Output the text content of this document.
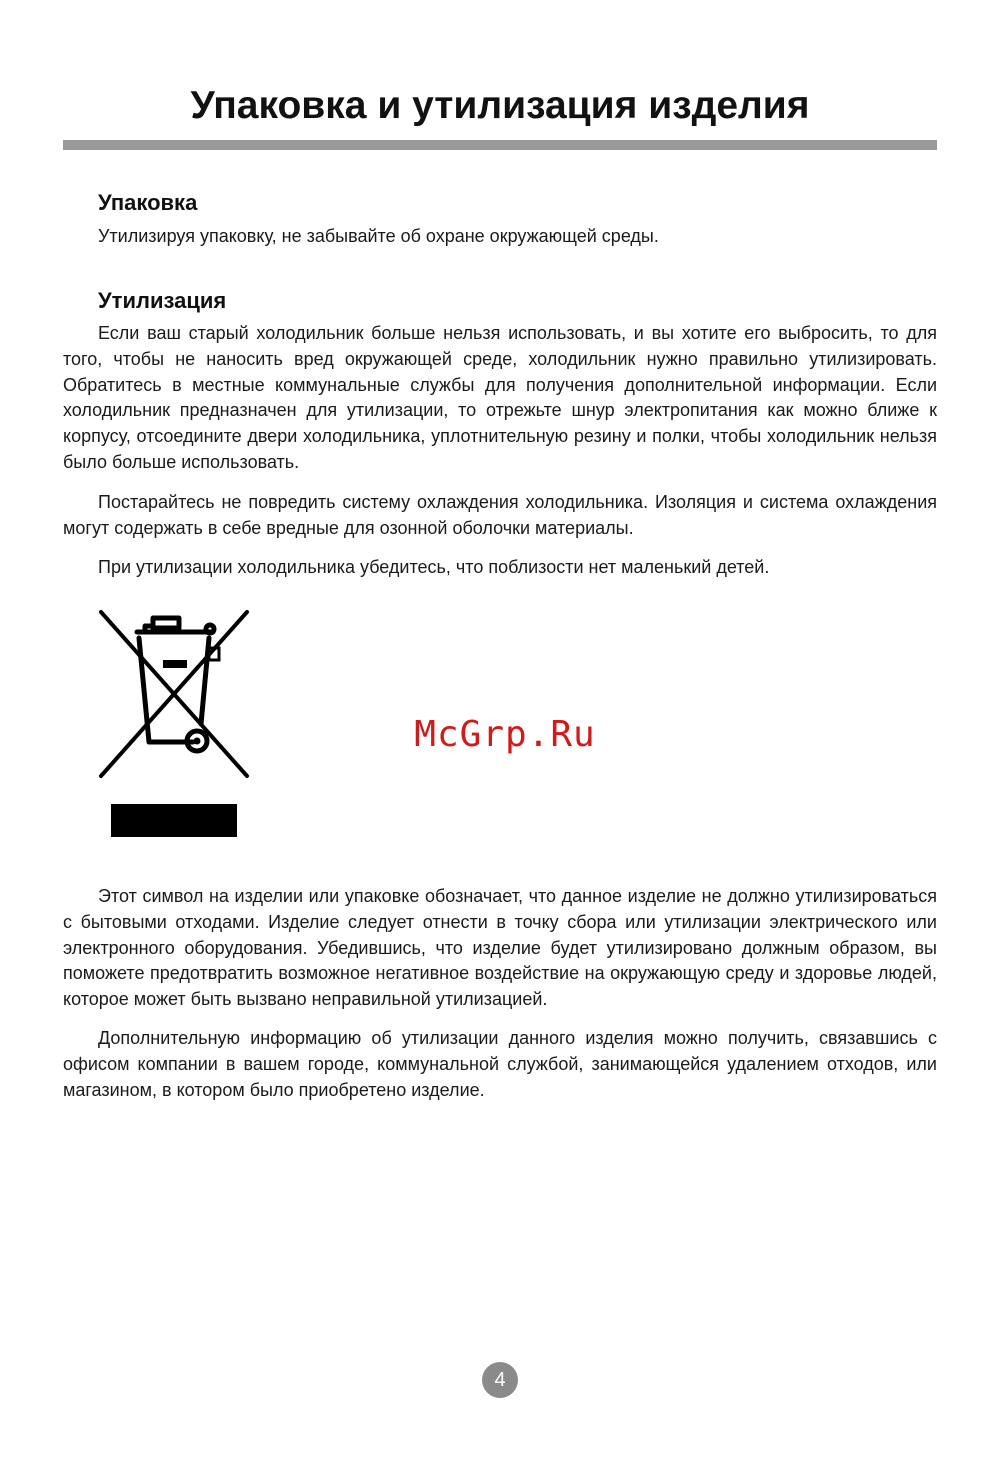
Упаковка и утилизация изделия
Упаковка

Утилизируя упаковку, не забывайте об охране окружающей среды.

Утилизация

Если ваш старый холодильник больше нельзя использовать, и вы хотите его выбросить, то для того, чтобы не наносить вред окружающей среде, холодильник нужно правильно утилизировать. Обратитесь в местные коммунальные службы для получения дополнительной информации. Если холодильник предназначен для утилизации, то отрежьте шнур электропитания как можно ближе к корпусу, отсоедините двери холодильника, уплотнительную резину и полки, чтобы холодильник нельзя было больше использовать.

Постарайтесь не повредить систему охлаждения холодильника. Изоляция и система охлаждения могут содержать в себе вредные для озонной оболочки материалы.

При утилизации холодильника убедитесь, что поблизости нет маленький детей.

McGrp.Ru

Этот символ на изделии или упаковке обозначает, что данное изделие не должно утилизироваться с бытовыми отходами. Изделие следует отнести в точку сбора или утилизации электрического или электронного оборудования. Убедившись, что изделие будет утилизировано должным образом, вы поможете предотвратить возможное негативное воздействие на окружающую среду и здоровье людей, которое может быть вызвано неправильной утилизацией.

Дополнительную информацию об утилизации данного изделия можно получить, связавшись с офисом компании в вашем городе, коммунальной службой, занимающейся удалением отходов, или магазином, в котором было приобретено изделие.

4
